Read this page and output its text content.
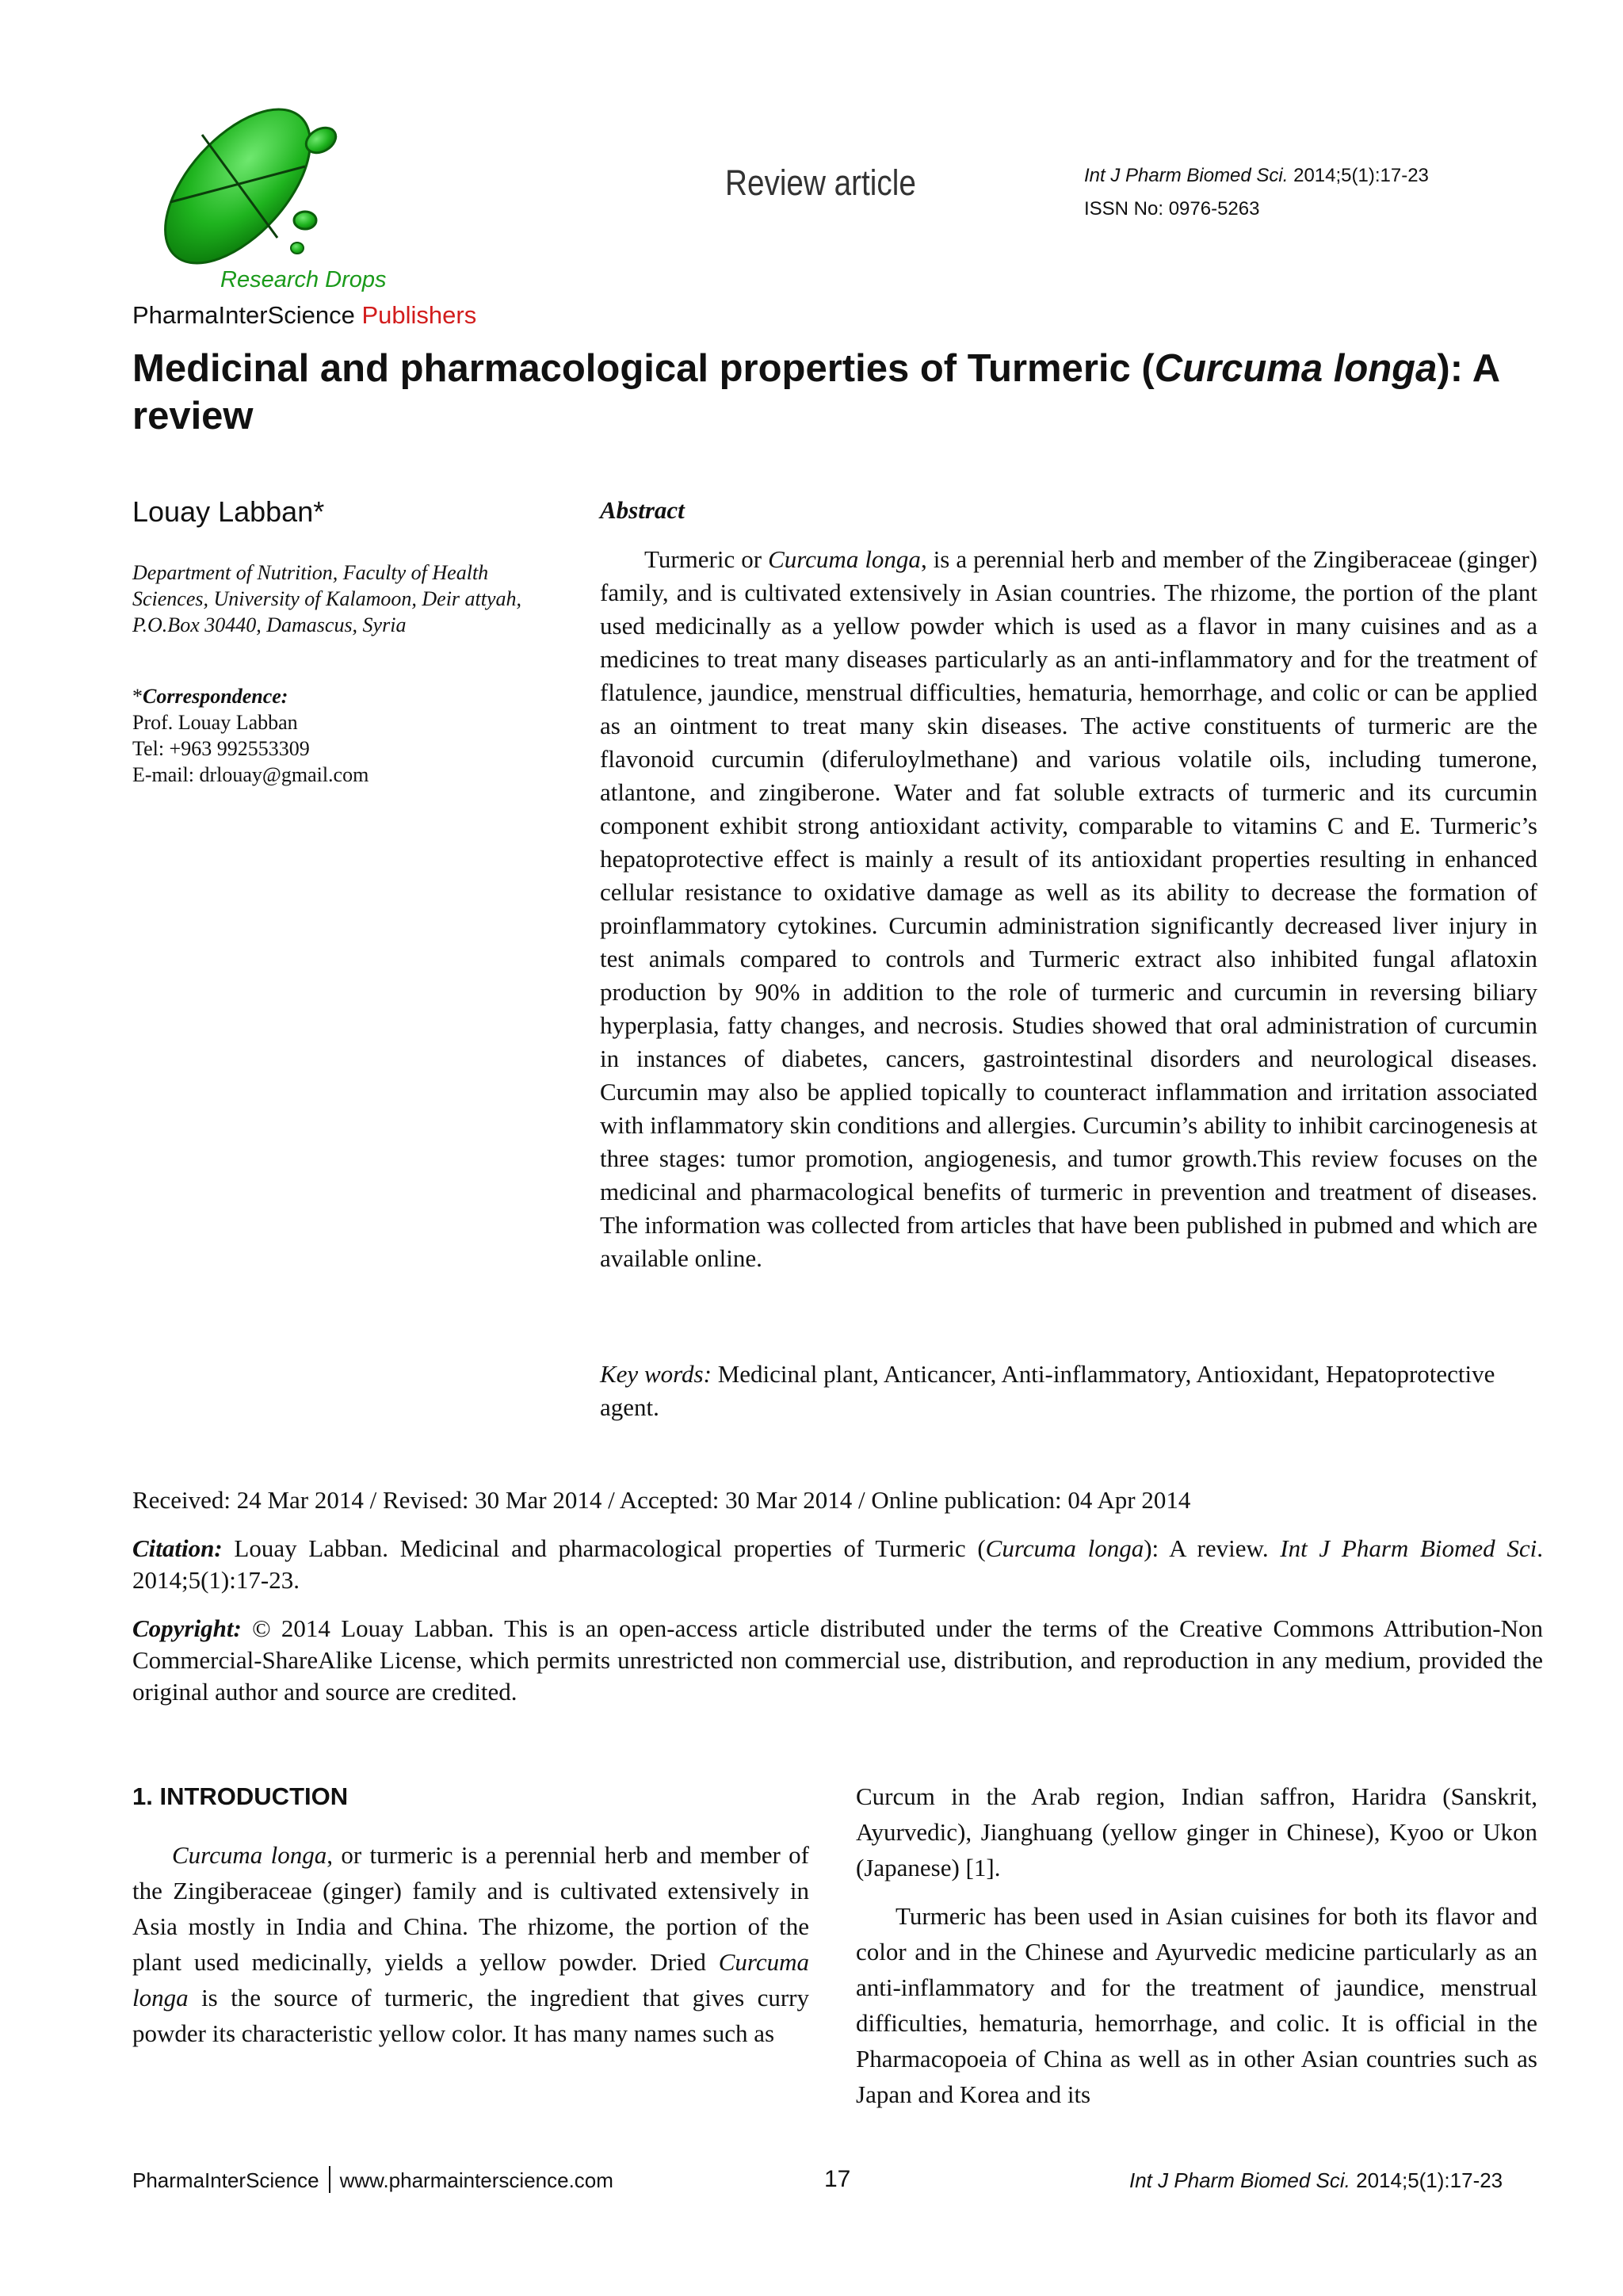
Research Drops
PharmaInterScience Publishers
Review article	Int J Pharm Biomed Sci. 2014;5(1):17-23
ISSN No: 0976-5263
Medicinal and pharmacological properties of Turmeric (Curcuma longa): A review
Louay Labban*
Department of Nutrition, Faculty of Health Sciences, University of Kalamoon, Deir attyah, P.O.Box 30440, Damascus, Syria
*Correspondence:
Prof. Louay Labban
Tel: +963 992553309
E-mail: drlouay@gmail.com
Abstract
Turmeric or Curcuma longa, is a perennial herb and member of the Zingiberaceae (ginger) family, and is cultivated extensively in Asian countries. The rhizome, the portion of the plant used medicinally as a yellow powder which is used as a flavor in many cuisines and as a medicines to treat many diseases particularly as an anti-inflammatory and for the treatment of flatulence, jaundice, menstrual difficulties, hematuria, hemorrhage, and colic or can be applied as an ointment to treat many skin diseases. The active constituents of turmeric are the flavonoid curcumin (diferuloylmethane) and various volatile oils, including tumerone, atlantone, and zingiberone. Water and fat soluble extracts of turmeric and its curcumin component exhibit strong antioxidant activity, comparable to vitamins C and E. Turmeric’s hepatoprotective effect is mainly a result of its antioxidant properties resulting in enhanced cellular resistance to oxidative damage as well as its ability to decrease the formation of proinflammatory cytokines. Curcumin administration significantly decreased liver injury in test animals compared to controls and Turmeric extract also inhibited fungal aflatoxin production by 90% in addition to the role of turmeric and curcumin in reversing biliary hyperplasia, fatty changes, and necrosis. Studies showed that oral administration of curcumin in instances of diabetes, cancers, gastrointestinal disorders and neurological diseases. Curcumin may also be applied topically to counteract inflammation and irritation associated with inflammatory skin conditions and allergies. Curcumin’s ability to inhibit carcinogenesis at three stages: tumor promotion, angiogenesis, and tumor growth.This review focuses on the medicinal and pharmacological benefits of turmeric in prevention and treatment of diseases. The information was collected from articles that have been published in pubmed and which are available online.
Key words: Medicinal plant, Anticancer, Anti-inflammatory, Antioxidant, Hepatoprotective agent.
Received: 24 Mar 2014 / Revised: 30 Mar 2014 / Accepted: 30 Mar 2014 / Online publication: 04 Apr 2014
Citation: Louay Labban. Medicinal and pharmacological properties of Turmeric (Curcuma longa): A review. Int J Pharm Biomed Sci. 2014;5(1):17-23.
Copyright: © 2014 Louay Labban. This is an open-access article distributed under the terms of the Creative Commons Attribution-Non Commercial-ShareAlike License, which permits unrestricted non commercial use, distribution, and reproduction in any medium, provided the original author and source are credited.
1. INTRODUCTION
Curcuma longa, or turmeric is a perennial herb and member of the Zingiberaceae (ginger) family and is cultivated extensively in Asia mostly in India and China. The rhizome, the portion of the plant used medicinally, yields a yellow powder. Dried Curcuma longa is the source of turmeric, the ingredient that gives curry powder its characteristic yellow color. It has many names such as

Curcum in the Arab region, Indian saffron, Haridra (Sanskrit, Ayurvedic), Jianghuang (yellow ginger in Chinese), Kyoo or Ukon (Japanese) [1].

Turmeric has been used in Asian cuisines for both its flavor and color and in the Chinese and Ayurvedic medicine particularly as an anti-inflammatory and for the treatment of jaundice, menstrual difficulties, hematuria, hemorrhage, and colic. It is official in the Pharmacopoeia of China as well as in other Asian countries such as Japan and Korea and its

PharmaInterScience www.pharmainterscience.com	17	Int J Pharm Biomed Sci. 2014;5(1):17-23
